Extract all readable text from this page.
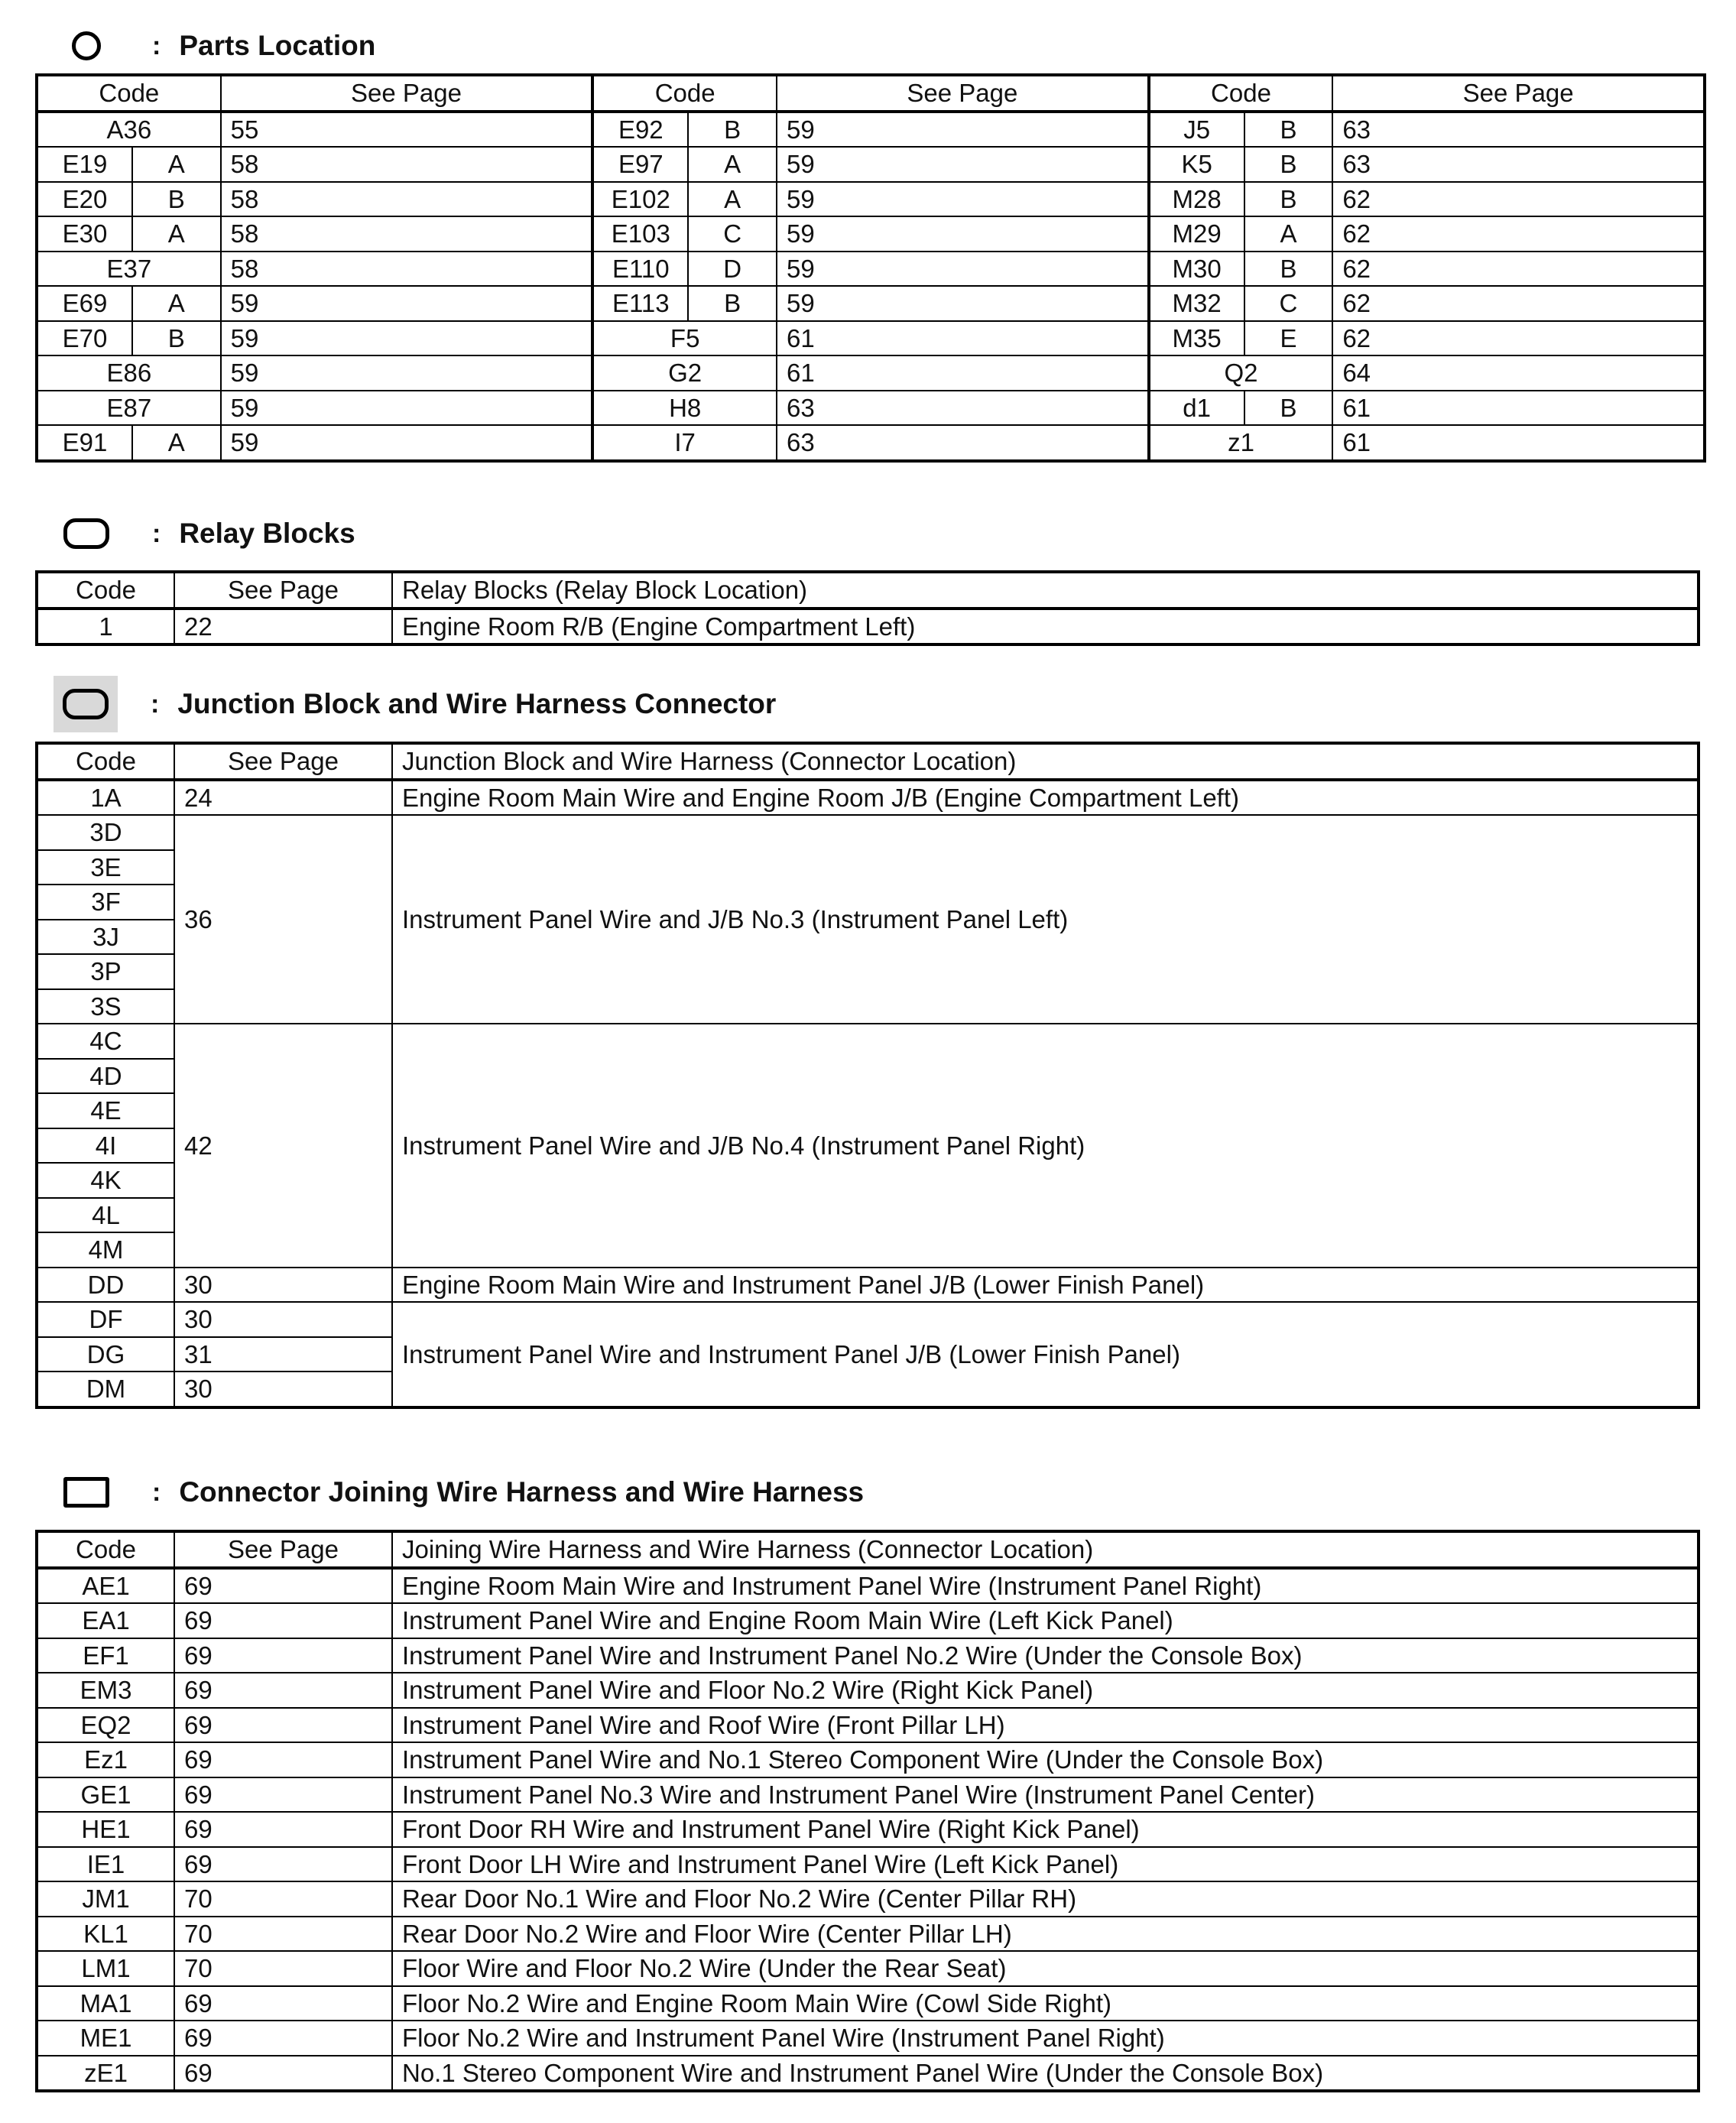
: Parts Location
Code		See Page
A36		55
E19	A	58
E20	B	58
E30	A	58
E37		58
E69	A	59
E70	B	59
E86		59
E87		59
E91	A	59
Code		See Page
E92	B	59
E97	A	59
E102	A	59
E103	C	59
E110	D	59
E113	B	59
F5		61
G2		61
H8		63
I7		63
Code		See Page
J5	B	63
K5	B	63
M28	B	62
M29	A	62
M30	B	62
M32	C	62
M35	E	62
Q2		64
d1	B	61
z1		61
: Relay Blocks
Code	See Page	Relay Blocks (Relay Block Location)
1	22	Engine Room R/B (Engine Compartment Left)
: Junction Block and Wire Harness Connector
Code	See Page	Junction Block and Wire Harness (Connector Location)
1A	24	Engine Room Main Wire and Engine Room J/B (Engine Compartment Left)
3D	36	Instrument Panel Wire and J/B No.3 (Instrument Panel Left)
3E		
3F		
3J		
3P		
3S		
4C	42	Instrument Panel Wire and J/B No.4 (Instrument Panel Right)
4D		
4E		
4I		
4K		
4L		
4M		
DD	30	Engine Room Main Wire and Instrument Panel J/B (Lower Finish Panel)
DF	30	Instrument Panel Wire and Instrument Panel J/B (Lower Finish Panel)
DG	31	
DM	30	
: Connector Joining Wire Harness and Wire Harness
Code	See Page	Joining Wire Harness and Wire Harness (Connector Location)
AE1	69	Engine Room Main Wire and Instrument Panel Wire (Instrument Panel Right)
EA1	69	Instrument Panel Wire and Engine Room Main Wire (Left Kick Panel)
EF1	69	Instrument Panel Wire and Instrument Panel No.2 Wire (Under the Console Box)
EM3	69	Instrument Panel Wire and Floor No.2 Wire (Right Kick Panel)
EQ2	69	Instrument Panel Wire and Roof Wire (Front Pillar LH)
Ez1	69	Instrument Panel Wire and No.1 Stereo Component Wire (Under the Console Box)
GE1	69	Instrument Panel No.3 Wire and Instrument Panel Wire (Instrument Panel Center)
HE1	69	Front Door RH Wire and Instrument Panel Wire (Right Kick Panel)
IE1	69	Front Door LH Wire and Instrument Panel Wire (Left Kick Panel)
JM1	70	Rear Door No.1 Wire and Floor No.2 Wire (Center Pillar RH)
KL1	70	Rear Door No.2 Wire and Floor Wire (Center Pillar LH)
LM1	70	Floor Wire and Floor No.2 Wire (Under the Rear Seat)
MA1	69	Floor No.2 Wire and Engine Room Main Wire (Cowl Side Right)
ME1	69	Floor No.2 Wire and Instrument Panel Wire (Instrument Panel Right)
zE1	69	No.1 Stereo Component Wire and Instrument Panel Wire (Under the Console Box)
